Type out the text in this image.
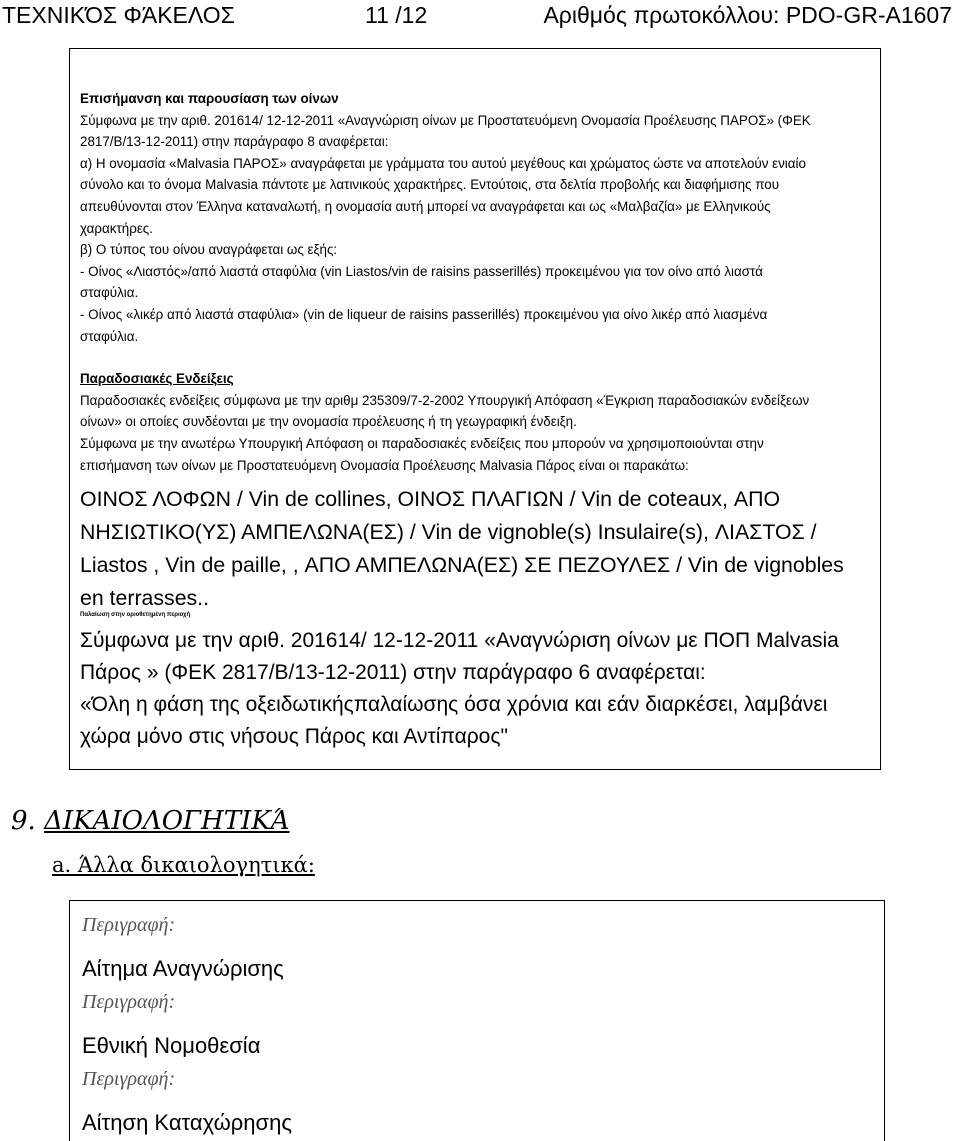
ΤΕΧΝΙΚΌΣ ΦΆΚΕΛΟΣ	11 /12	Αριθμός πρωτοκόλλου: PDO-GR-A1607

Επισήμανση και παρουσίαση των οίνων

Σύμφωνα με την αριθ. 201614/ 12-12-2011 «Αναγνώριση οίνων με Προστατευόμενη Ονομασία Προέλευσης ΠΑΡΟΣ» (ΦΕΚ

2817/Β/13-12-2011) στην παράγραφο 8 αναφέρεται:

α) Η ονομασία «Malvasia ΠΑΡΟΣ» αναγράφεται με γράμματα του αυτού μεγέθους και χρώματος ώστε να αποτελούν ενιαίο

σύνολο και το όνομα Malvasia πάντοτε με λατινικούς χαρακτήρες. Εντούτοις, στα δελτία προβολής και διαφήμισης που

απευθύνονται στον Έλληνα καταναλωτή, η ονομασία αυτή μπορεί να αναγράφεται και ως «Μαλβαζία» με Ελληνικούς

χαρακτήρες.

β) Ο τύπος του οίνου αναγράφεται ως εξής:

- Οίνος «Λιαστός»/από λιαστά σταφύλια (vin Liastos/vin de raisins passerillés) προκειμένου για τον οίνο από λιαστά

σταφύλια.

- Οίνος «λικέρ από λιαστά σταφύλια» (vin de liqueur de raisins passerillés) προκειμένου για οίνο λικέρ από λιασμένα

σταφύλια.

Παραδοσιακές Ενδείξεις

Παραδοσιακές ενδείξεις σύμφωνα με την αριθμ 235309/7-2-2002 Υπουργική Απόφαση «Έγκριση παραδοσιακών ενδείξεων

οίνων» οι οποίες συνδέονται με την ονομασία προέλευσης ή τη γεωγραφική ένδειξη.

Σύμφωνα με την ανωτέρω Υπουργική Απόφαση οι παραδοσιακές ενδείξεις που μπορούν να χρησιμοποιούνται στην

επισήμανση των οίνων με Προστατευόμενη Ονομασία Προέλευσης Malvasia Πάρος είναι οι παρακάτω:

ΟΙΝΟΣ ΛΟΦΩΝ / Vin de collines, ΟΙΝΟΣ ΠΛΑΓΙΩΝ / Vin de coteaux, ΑΠΟ

ΝΗΣΙΩΤΙΚΟ(ΥΣ) ΑΜΠΕΛΩΝΑ(ΕΣ) / Vin de vignoble(s) Insulaire(s), ΛΙΑΣΤΟΣ /

Liastos , Vin de paille, , ΑΠΟ ΑΜΠΕΛΩΝΑ(ΕΣ) ΣΕ ΠΕΖΟΥΛΕΣ / Vin de vignobles

en terrasses..

Παλαίωση στην οριοθετημένη περιοχή

Σύμφωνα με την αριθ. 201614/ 12-12-2011 «Αναγνώριση οίνων με ΠΟΠ Malvasia

Πάρος » (ΦΕΚ 2817/Β/13-12-2011) στην παράγραφο 6 αναφέρεται:

«Όλη η φάση της οξειδωτικήςπαλαίωσης όσα χρόνια και εάν διαρκέσει, λαμβάνει

χώρα μόνο στις νήσους Πάρος και Αντίπαρος"

9. ΔΙΚΑΙΟΛΟΓΗΤΙΚΆ
a. Άλλα δικαιολογητικά:
Περιγραφή:
Αίτημα Αναγνώρισης
Περιγραφή:
Εθνική Νομοθεσία
Περιγραφή:
Αίτηση Καταχώρησης
